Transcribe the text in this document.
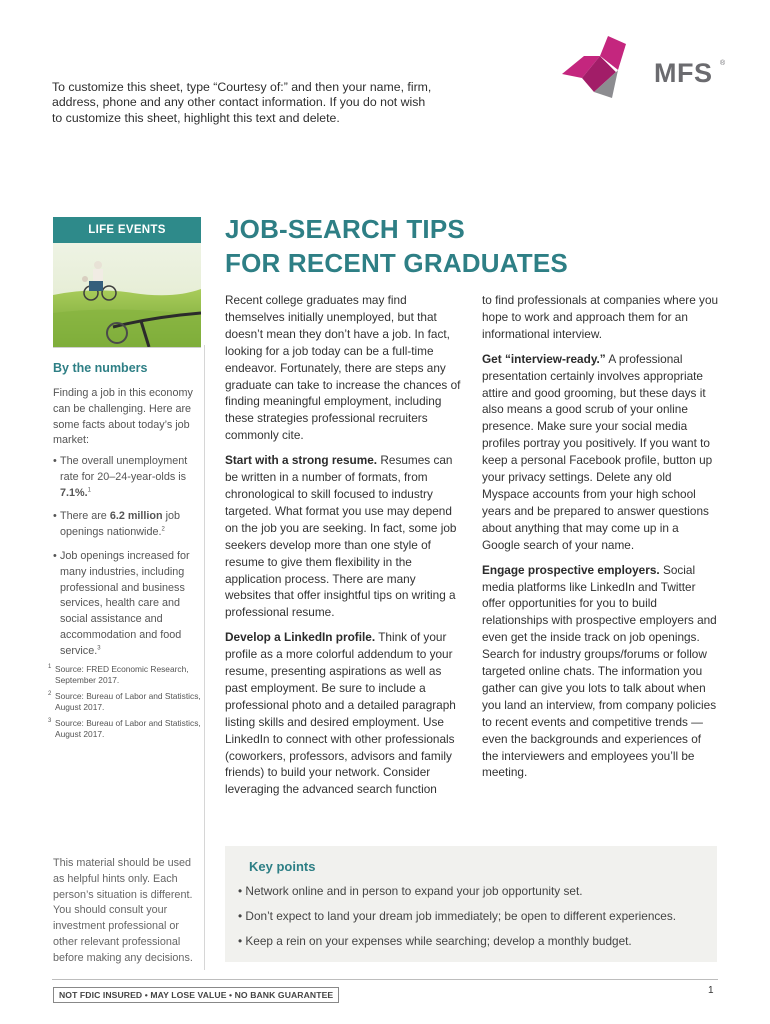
To customize this sheet, type “Courtesy of:” and then your name, firm, address, phone and any other contact information. If you do not wish to customize this sheet, highlight this text and delete.
MFS ®
LIFE EVENTS
By the numbers
Finding a job in this economy can be challenging. Here are some facts about today’s job market:
• The overall unemployment rate for 20–24-year-olds is 7.1%.$^1$
• There are 6.2 million job openings nationwide.$^2$
• Job openings increased for many industries, including professional and business services, health care and social assistance and accommodation and food service.$^3$
1 Source: FRED Economic Research, September 2017.
2 Source: Bureau of Labor and Statistics, August 2017.
3 Source: Bureau of Labor and Statistics, August 2017.
This material should be used as helpful hints only. Each person’s situation is different. You should consult your investment professional or other relevant professional before making any decisions.
JOB-SEARCH TIPS
FOR RECENT GRADUATES

Recent college graduates may find themselves initially unemployed, but that doesn’t mean they don’t have a job. In fact, looking for a job today can be a full-time endeavor. Fortunately, there are steps any graduate can take to increase the chances of finding meaningful employment, including these strategies professional recruiters commonly cite.

Start with a strong resume. Resumes can be written in a number of formats, from chronological to skill focused to industry targeted. What format you use may depend on the job you are seeking. In fact, some job seekers develop more than one style of resume to give them flexibility in the application process. There are many websites that offer insightful tips on writing a professional resume.

Develop a LinkedIn profile. Think of your profile as a more colorful addendum to your resume, presenting aspirations as well as past employment. Be sure to include a professional photo and a detailed paragraph listing skills and desired employment. Use LinkedIn to connect with other professionals (coworkers, professors, advisors and family friends) to build your network. Consider leveraging the advanced search function

to find professionals at companies where you hope to work and approach them for an informational interview.

Get “interview-ready.” A professional presentation certainly involves appropriate attire and good grooming, but these days it also means a good scrub of your online presence. Make sure your social media profiles portray you positively. If you want to keep a personal Facebook profile, button up your privacy settings. Delete any old Myspace accounts from your high school years and be prepared to answer questions about anything that may come up in a Google search of your name.

Engage prospective employers. Social media platforms like LinkedIn and Twitter offer opportunities for you to build relationships with prospective employers and even get the inside track on job openings. Search for industry groups/forums or follow targeted online chats. The information you gather can give you lots to talk about when you land an interview, from company policies to recent events and competitive trends — even the backgrounds and experiences of the interviewers and employees you’ll be meeting.

Key points
• Network online and in person to expand your job opportunity set.
• Don’t expect to land your dream job immediately; be open to different experiences.
• Keep a rein on your expenses while searching; develop a monthly budget.
NOT FDIC INSURED • MAY LOSE VALUE • NO BANK GUARANTEE	1
